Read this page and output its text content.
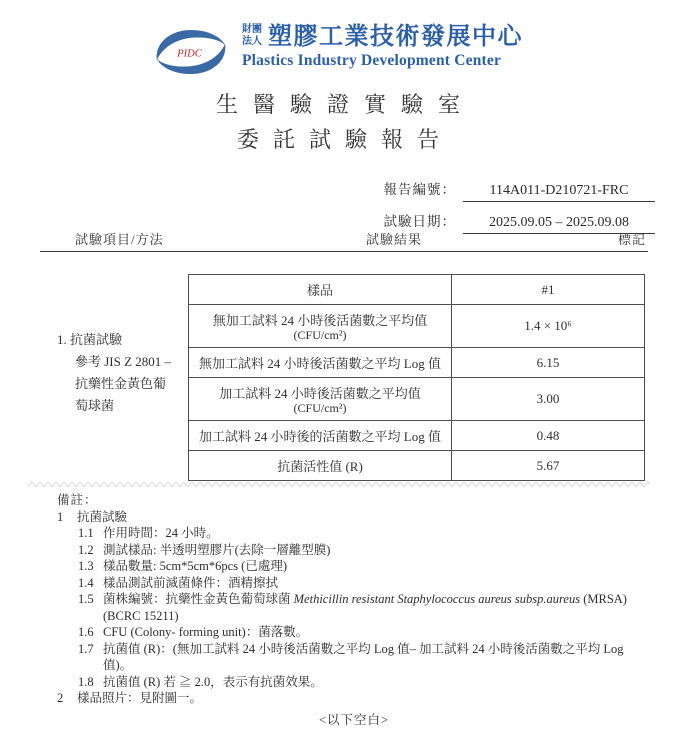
PIDC
財團
法人 塑膠工業技術發展中心
Plastics Industry Development Center
生醫驗證實驗室
委託試驗報告
報告編號：	114A011-D210721-FRC
試驗日期：	2025.09.05 – 2025.09.08
試驗項目/方法	試驗結果	標記
1. 抗菌試驗
參考 JIS Z 2801 –
抗藥性金黃色葡
萄球菌
樣品	#1

無加工試料 24 小時後活菌數之平均值
(CFU/cm²)	1.4 × 10⁶

無加工試料 24 小時後活菌數之平均 Log 值	6.15

加工試料 24 小時後活菌數之平均值
(CFU/cm²)	3.00

加工試料 24 小時後的活菌數之平均 Log 值	0.48

抗菌活性值 (R)	5.67
備註：
1	抗菌試驗
1.1 作用時間：24 小時。
1.2 測試樣品: 半透明塑膠片(去除一層離型膜)
1.3 樣品數量: 5cm*5cm*6pcs (已處理)
1.4 樣品測試前滅菌條件：酒精擦拭
1.5 菌株編號：抗藥性金黃色葡萄球菌 Methicillin resistant Staphylococcus aureus subsp.aureus (MRSA) (BCRC 15211)
1.6 CFU (Colony- forming unit)：菌落數。
1.7 抗菌值 (R)：(無加工試料 24 小時後活菌數之平均 Log 值– 加工試料 24 小時後活菌數之平均 Log 值)。
1.8 抗菌值 (R) 若 ≧ 2.0，表示有抗菌效果。
2	樣品照片：見附圖一。
<以下空白>
